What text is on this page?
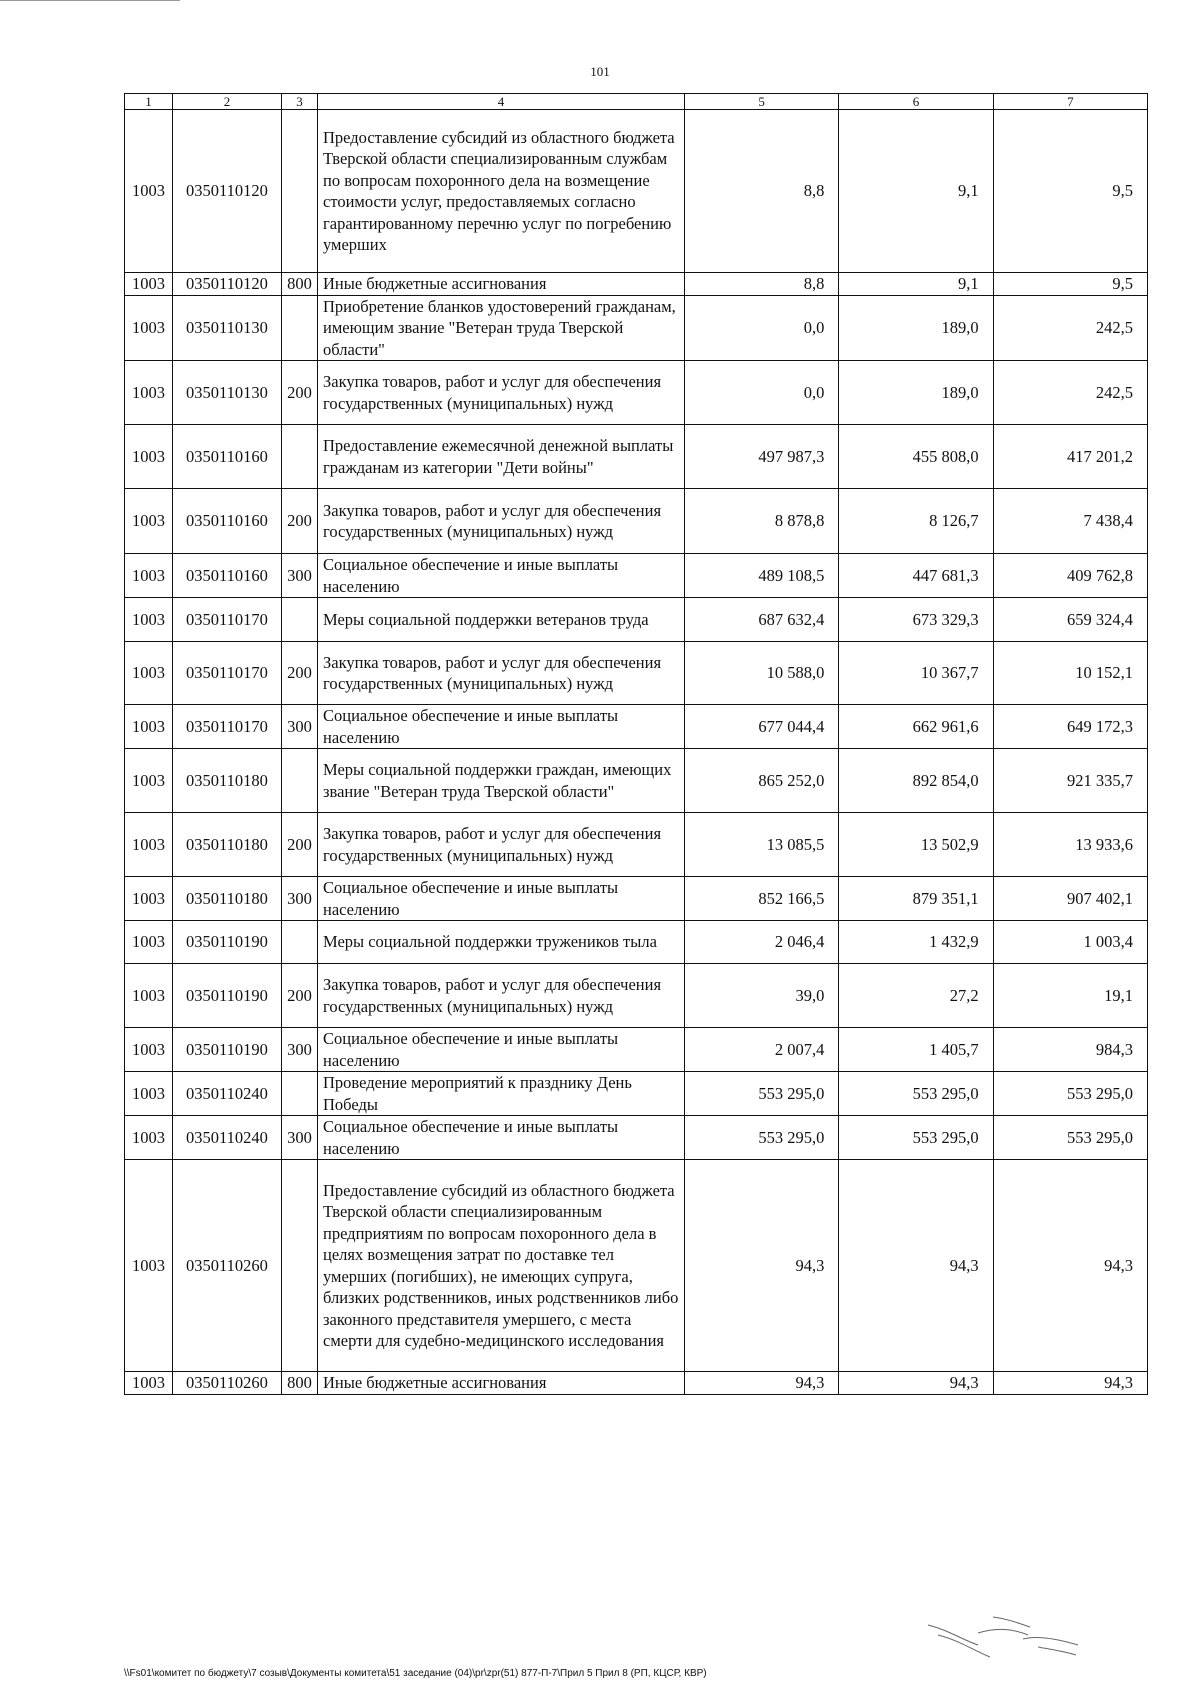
101
1	2	3	4	5	6	7
1003	0350110120		Предоставление субсидий из областного бюджета Тверской области специализированным службам по вопросам похоронного дела на возмещение стоимости услуг, предоставляемых согласно гарантированному перечню услуг по погребению умерших	8,8	9,1	9,5
1003	0350110120	800	Иные бюджетные ассигнования	8,8	9,1	9,5
1003	0350110130		Приобретение бланков удостоверений гражданам, имеющим звание "Ветеран труда Тверской области"	0,0	189,0	242,5
1003	0350110130	200	Закупка товаров, работ и услуг для обеспечения государственных (муниципальных) нужд	0,0	189,0	242,5
1003	0350110160		Предоставление ежемесячной денежной выплаты гражданам из категории "Дети войны"	497 987,3	455 808,0	417 201,2
1003	0350110160	200	Закупка товаров, работ и услуг для обеспечения государственных (муниципальных) нужд	8 878,8	8 126,7	7 438,4
1003	0350110160	300	Социальное обеспечение и иные выплаты населению	489 108,5	447 681,3	409 762,8
1003	0350110170		Меры социальной поддержки ветеранов труда	687 632,4	673 329,3	659 324,4
1003	0350110170	200	Закупка товаров, работ и услуг для обеспечения государственных (муниципальных) нужд	10 588,0	10 367,7	10 152,1
1003	0350110170	300	Социальное обеспечение и иные выплаты населению	677 044,4	662 961,6	649 172,3
1003	0350110180		Меры социальной поддержки граждан, имеющих звание "Ветеран труда Тверской области"	865 252,0	892 854,0	921 335,7
1003	0350110180	200	Закупка товаров, работ и услуг для обеспечения государственных (муниципальных) нужд	13 085,5	13 502,9	13 933,6
1003	0350110180	300	Социальное обеспечение и иные выплаты населению	852 166,5	879 351,1	907 402,1
1003	0350110190		Меры социальной поддержки тружеников тыла	2 046,4	1 432,9	1 003,4
1003	0350110190	200	Закупка товаров, работ и услуг для обеспечения государственных (муниципальных) нужд	39,0	27,2	19,1
1003	0350110190	300	Социальное обеспечение и иные выплаты населению	2 007,4	1 405,7	984,3
1003	0350110240		Проведение мероприятий к празднику День Победы	553 295,0	553 295,0	553 295,0
1003	0350110240	300	Социальное обеспечение и иные выплаты населению	553 295,0	553 295,0	553 295,0
1003	0350110260		Предоставление субсидий из областного бюджета Тверской области специализированным предприятиям по вопросам похоронного дела в целях возмещения затрат по доставке тел умерших (погибших), не имеющих супруга, близких родственников, иных родственников либо законного представителя умершего, с места смерти для судебно-медицинского исследования	94,3	94,3	94,3
1003	0350110260	800	Иные бюджетные ассигнования	94,3	94,3	94,3
\\Fs01\комитет по бюджету\7 созыв\Документы комитета\51 заседание (04)\pr\zpr(51) 877-П-7\Прил 5 Прил 8 (РП, КЦСР, КВР)
